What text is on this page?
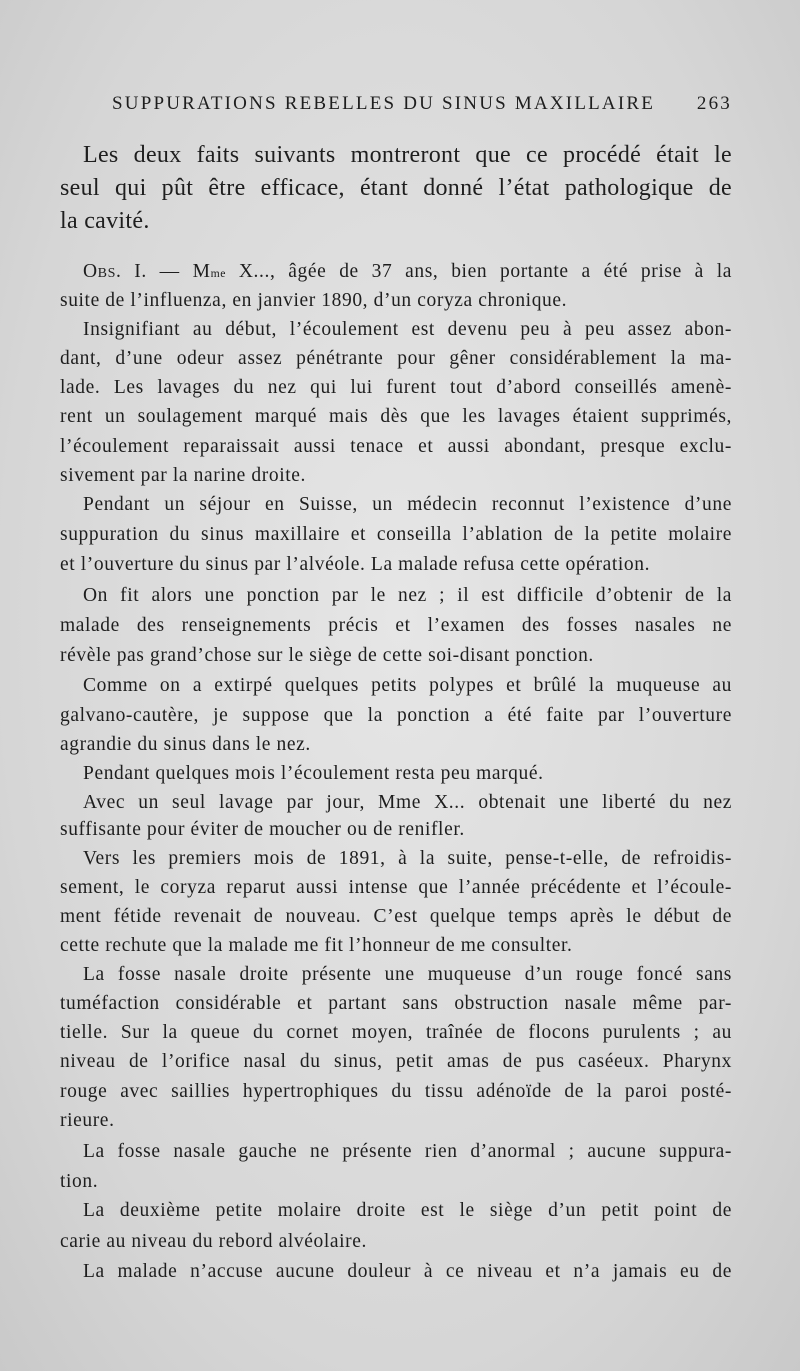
SUPPURATIONS REBELLES DU SINUS MAXILLAIRE 263
Les deux faits suivants montreront que ce procédé était le
seul qui pût être efficace, étant donné l’état pathologique de
la cavité.
Obs. I. — $M^{me}$ X..., âgée de 37 ans, bien portante a été prise à la
suite de l’influenza, en janvier 1890, d’un coryza chronique.
Insignifiant au début, l’écoulement est devenu peu à peu assez abon-
dant, d’une odeur assez pénétrante pour gêner considérablement la ma-
lade. Les lavages du nez qui lui furent tout d’abord conseillés amenè-
rent un soulagement marqué mais dès que les lavages étaient supprimés,
l’écoulement reparaissait aussi tenace et aussi abondant, presque exclu-
sivement par la narine droite.
Pendant un séjour en Suisse, un médecin reconnut l’existence d’une
suppuration du sinus maxillaire et conseilla l’ablation de la petite molaire
et l’ouverture du sinus par l’alvéole. La malade refusa cette opération.
On fit alors une ponction par le nez ; il est difficile d’obtenir de la
malade des renseignements précis et l’examen des fosses nasales ne
révèle pas grand’chose sur le siège de cette soi-disant ponction.
Comme on a extirpé quelques petits polypes et brûlé la muqueuse au
galvano-cautère, je suppose que la ponction a été faite par l’ouverture
agrandie du sinus dans le nez.
Pendant quelques mois l’écoulement resta peu marqué.
Avec un seul lavage par jour, Mme X... obtenait une liberté du nez
suffisante pour éviter de moucher ou de renifler.
Vers les premiers mois de 1891, à la suite, pense-t-elle, de refroidis-
sement, le coryza reparut aussi intense que l’année précédente et l’écoule-
ment fétide revenait de nouveau. C’est quelque temps après le début de
cette rechute que la malade me fit l’honneur de me consulter.
La fosse nasale droite présente une muqueuse d’un rouge foncé sans
tuméfaction considérable et partant sans obstruction nasale même par-
tielle. Sur la queue du cornet moyen, traînée de flocons purulents ; au
niveau de l’orifice nasal du sinus, petit amas de pus caséeux. Pharynx
rouge avec saillies hypertrophiques du tissu adénoïde de la paroi posté-
rieure.
La fosse nasale gauche ne présente rien d’anormal ; aucune suppura-
tion.
La deuxième petite molaire droite est le siège d’un petit point de
carie au niveau du rebord alvéolaire.
La malade n’accuse aucune douleur à ce niveau et n’a jamais eu de
